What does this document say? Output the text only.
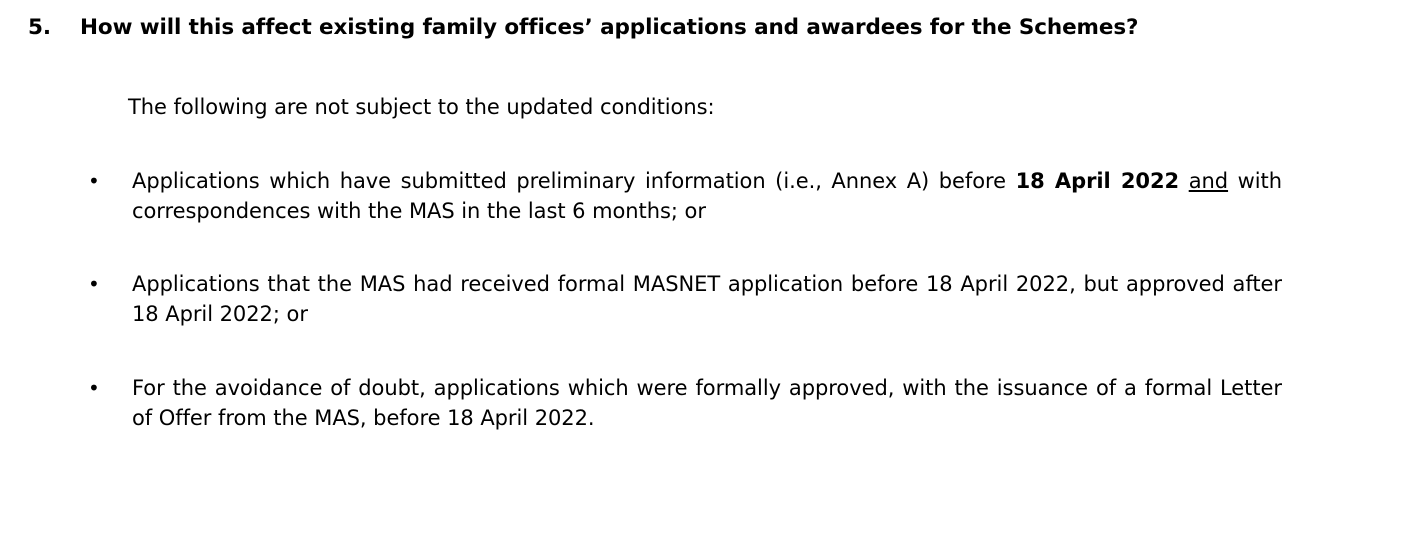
5.	How will this affect existing family offices’ applications and awardees for the Schemes?
The following are not subject to the updated conditions:
•	Applications which have submitted preliminary information (i.e., Annex A) before 18 April 2022 and with correspondences with the MAS in the last 6 months; or
•	Applications that the MAS had received formal MASNET application before 18 April 2022, but approved after 18 April 2022; or
•	For the avoidance of doubt, applications which were formally approved, with the issuance of a formal Letter of Offer from the MAS, before 18 April 2022.
